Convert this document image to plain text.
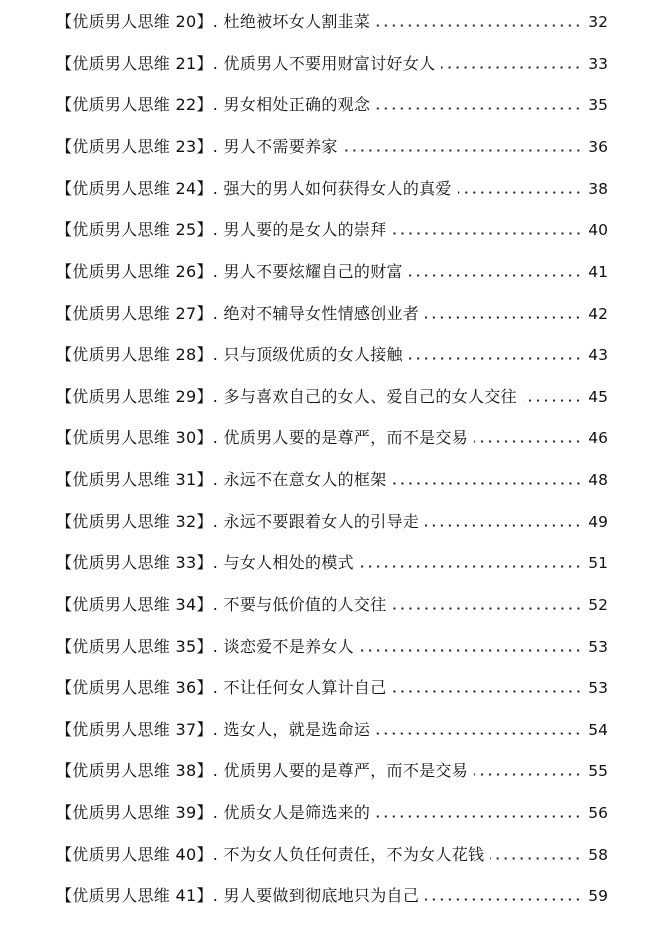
【优质男人思维 20】. 杜绝被坏女人割韭菜	32
【优质男人思维 21】. 优质男人不要用财富讨好女人	33
【优质男人思维 22】. 男女相处正确的观念	35
【优质男人思维 23】. 男人不需要养家	36
【优质男人思维 24】. 强大的男人如何获得女人的真爱	38
【优质男人思维 25】. 男人要的是女人的崇拜	40
【优质男人思维 26】. 男人不要炫耀自己的财富	41
【优质男人思维 27】. 绝对不辅导女性情感创业者	42
【优质男人思维 28】. 只与顶级优质的女人接触	43
【优质男人思维 29】. 多与喜欢自己的女人、爱自己的女人交往	45
【优质男人思维 30】. 优质男人要的是尊严，而不是交易	46
【优质男人思维 31】. 永远不在意女人的框架	48
【优质男人思维 32】. 永远不要跟着女人的引导走	49
【优质男人思维 33】. 与女人相处的模式	51
【优质男人思维 34】. 不要与低价值的人交往	52
【优质男人思维 35】. 谈恋爱不是养女人	53
【优质男人思维 36】. 不让任何女人算计自己	53
【优质男人思维 37】. 选女人，就是选命运	54
【优质男人思维 38】. 优质男人要的是尊严，而不是交易	55
【优质男人思维 39】. 优质女人是筛选来的	56
【优质男人思维 40】. 不为女人负任何责任，不为女人花钱	58
【优质男人思维 41】. 男人要做到彻底地只为自己	59
